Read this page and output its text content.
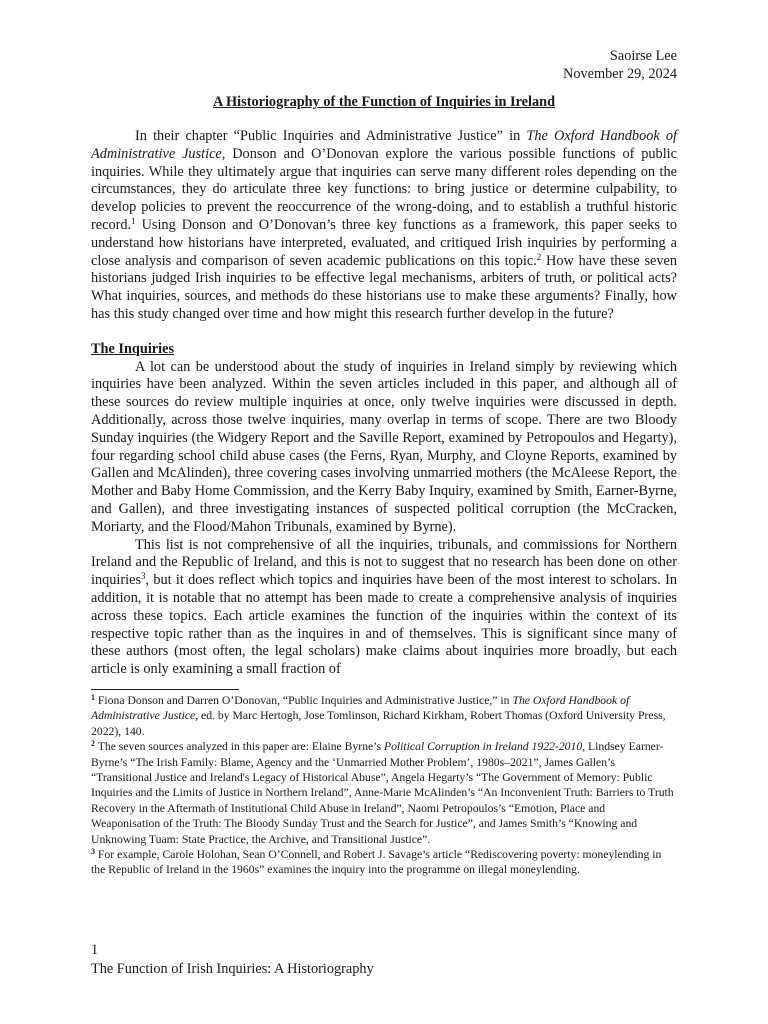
Saoirse Lee
November 29, 2024
A Historiography of the Function of Inquiries in Ireland

In their chapter “Public Inquiries and Administrative Justice” in The Oxford Handbook of Administrative Justice, Donson and O’Donovan explore the various possible functions of public inquiries. While they ultimately argue that inquiries can serve many different roles depending on the circumstances, they do articulate three key functions: to bring justice or determine culpability, to develop policies to prevent the reoccurrence of the wrong-doing, and to establish a truthful historic record.$^1$ Using Donson and O’Donovan’s three key functions as a framework, this paper seeks to understand how historians have interpreted, evaluated, and critiqued Irish inquiries by performing a close analysis and comparison of seven academic publications on this topic.$^2$ How have these seven historians judged Irish inquiries to be effective legal mechanisms, arbiters of truth, or political acts? What inquiries, sources, and methods do these historians use to make these arguments? Finally, how has this study changed over time and how might this research further develop in the future?

The Inquiries

A lot can be understood about the study of inquiries in Ireland simply by reviewing which inquiries have been analyzed. Within the seven articles included in this paper, and although all of these sources do review multiple inquiries at once, only twelve inquiries were discussed in depth. Additionally, across those twelve inquiries, many overlap in terms of scope. There are two Bloody Sunday inquiries (the Widgery Report and the Saville Report, examined by Petropoulos and Hegarty), four regarding school child abuse cases (the Ferns, Ryan, Murphy, and Cloyne Reports, examined by Gallen and McAlinden), three covering cases involving unmarried mothers (the McAleese Report, the Mother and Baby Home Commission, and the Kerry Baby Inquiry, examined by Smith, Earner-Byrne, and Gallen), and three investigating instances of suspected political corruption (the McCracken, Moriarty, and the Flood/Mahon Tribunals, examined by Byrne).

This list is not comprehensive of all the inquiries, tribunals, and commissions for Northern Ireland and the Republic of Ireland, and this is not to suggest that no research has been done on other inquiries$^3$, but it does reflect which topics and inquiries have been of the most interest to scholars. In addition, it is notable that no attempt has been made to create a comprehensive analysis of inquiries across these topics. Each article examines the function of the inquiries within the context of its respective topic rather than as the inquires in and of themselves. This is significant since many of these authors (most often, the legal scholars) make claims about inquiries more broadly, but each article is only examining a small fraction of

$^1$ Fiona Donson and Darren O’Donovan, “Public Inquiries and Administrative Justice,” in The Oxford Handbook of Administrative Justice, ed. by Marc Hertogh, Jose Tomlinson, Richard Kirkham, Robert Thomas (Oxford University Press, 2022), 140.

$^2$ The seven sources analyzed in this paper are: Elaine Byrne’s Political Corruption in Ireland 1922-2010, Lindsey Earner-Byrne’s “The Irish Family: Blame, Agency and the ‘Unmarried Mother Problem’, 1980s–2021”, James Gallen’s “Transitional Justice and Ireland's Legacy of Historical Abuse”, Angela Hegarty’s “The Government of Memory: Public Inquiries and the Limits of Justice in Northern Ireland”, Anne-Marie McAlinden’s “An Inconvenient Truth: Barriers to Truth Recovery in the Aftermath of Institutional Child Abuse in Ireland”, Naomi Petropoulos’s “Emotion, Place and Weaponisation of the Truth: The Bloody Sunday Trust and the Search for Justice”, and James Smith’s “Knowing and Unknowing Tuam: State Practice, the Archive, and Transitional Justice”.

$^3$ For example, Carole Holohan, Sean O’Connell, and Robert J. Savage’s article “Rediscovering poverty: moneylending in the Republic of Ireland in the 1960s” examines the inquiry into the programme on illegal moneylending.

1
The Function of Irish Inquiries: A Historiography
